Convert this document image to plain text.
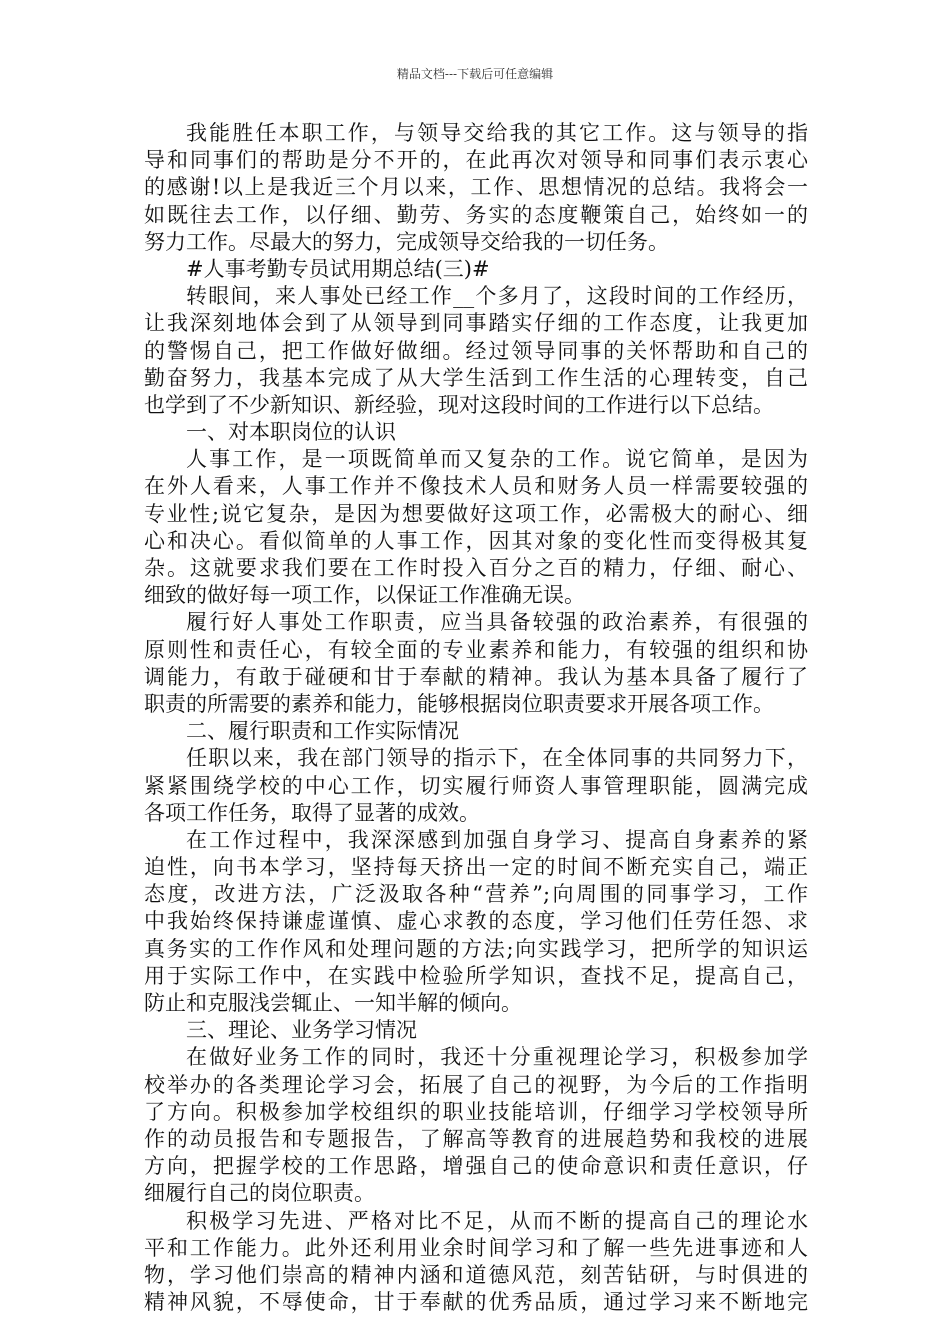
精品文档---下载后可任意编辑
我能胜任本职工作，与领导交给我的其它工作。这与领导的指
导和同事们的帮助是分不开的，在此再次对领导和同事们表示衷心
的感谢!以上是我近三个月以来，工作、思想情况的总结。我将会一
如既往去工作，以仔细、勤劳、务实的态度鞭策自己，始终如一的
努力工作。尽最大的努力，完成领导交给我的一切任务。
#人事考勤专员试用期总结(三)#
转眼间，来人事处已经工作__个多月了，这段时间的工作经历，
让我深刻地体会到了从领导到同事踏实仔细的工作态度，让我更加
的警惕自己，把工作做好做细。经过领导同事的关怀帮助和自己的
勤奋努力，我基本完成了从大学生活到工作生活的心理转变，自己
也学到了不少新知识、新经验，现对这段时间的工作进行以下总结。
一、对本职岗位的认识
人事工作，是一项既简单而又复杂的工作。说它简单，是因为
在外人看来，人事工作并不像技术人员和财务人员一样需要较强的
专业性;说它复杂，是因为想要做好这项工作，必需极大的耐心、细
心和决心。看似简单的人事工作，因其对象的变化性而变得极其复
杂。这就要求我们要在工作时投入百分之百的精力，仔细、耐心、
细致的做好每一项工作，以保证工作准确无误。
履行好人事处工作职责，应当具备较强的政治素养，有很强的
原则性和责任心，有较全面的专业素养和能力，有较强的组织和协
调能力，有敢于碰硬和甘于奉献的精神。我认为基本具备了履行了
职责的所需要的素养和能力，能够根据岗位职责要求开展各项工作。
二、履行职责和工作实际情况
任职以来，我在部门领导的指示下，在全体同事的共同努力下，
紧紧围绕学校的中心工作，切实履行师资人事管理职能，圆满完成
各项工作任务，取得了显著的成效。
在工作过程中，我深深感到加强自身学习、提高自身素养的紧
迫性，向书本学习，坚持每天挤出一定的时间不断充实自己，端正
态度，改进方法，广泛汲取各种“营养”;向周围的同事学习，工作
中我始终保持谦虚谨慎、虚心求教的态度，学习他们任劳任怨、求
真务实的工作作风和处理问题的方法;向实践学习，把所学的知识运
用于实际工作中，在实践中检验所学知识，查找不足，提高自己，
防止和克服浅尝辄止、一知半解的倾向。
三、理论、业务学习情况
在做好业务工作的同时，我还十分重视理论学习，积极参加学
校举办的各类理论学习会，拓展了自己的视野，为今后的工作指明
了方向。积极参加学校组织的职业技能培训，仔细学习学校领导所
作的动员报告和专题报告，了解高等教育的进展趋势和我校的进展
方向，把握学校的工作思路，增强自己的使命意识和责任意识，仔
细履行自己的岗位职责。
积极学习先进、严格对比不足，从而不断的提高自己的理论水
平和工作能力。此外还利用业余时间学习和了解一些先进事迹和人
物，学习他们崇高的精神内涵和道德风范，刻苦钻研，与时俱进的
精神风貌，不辱使命，甘于奉献的优秀品质，通过学习来不断地完
